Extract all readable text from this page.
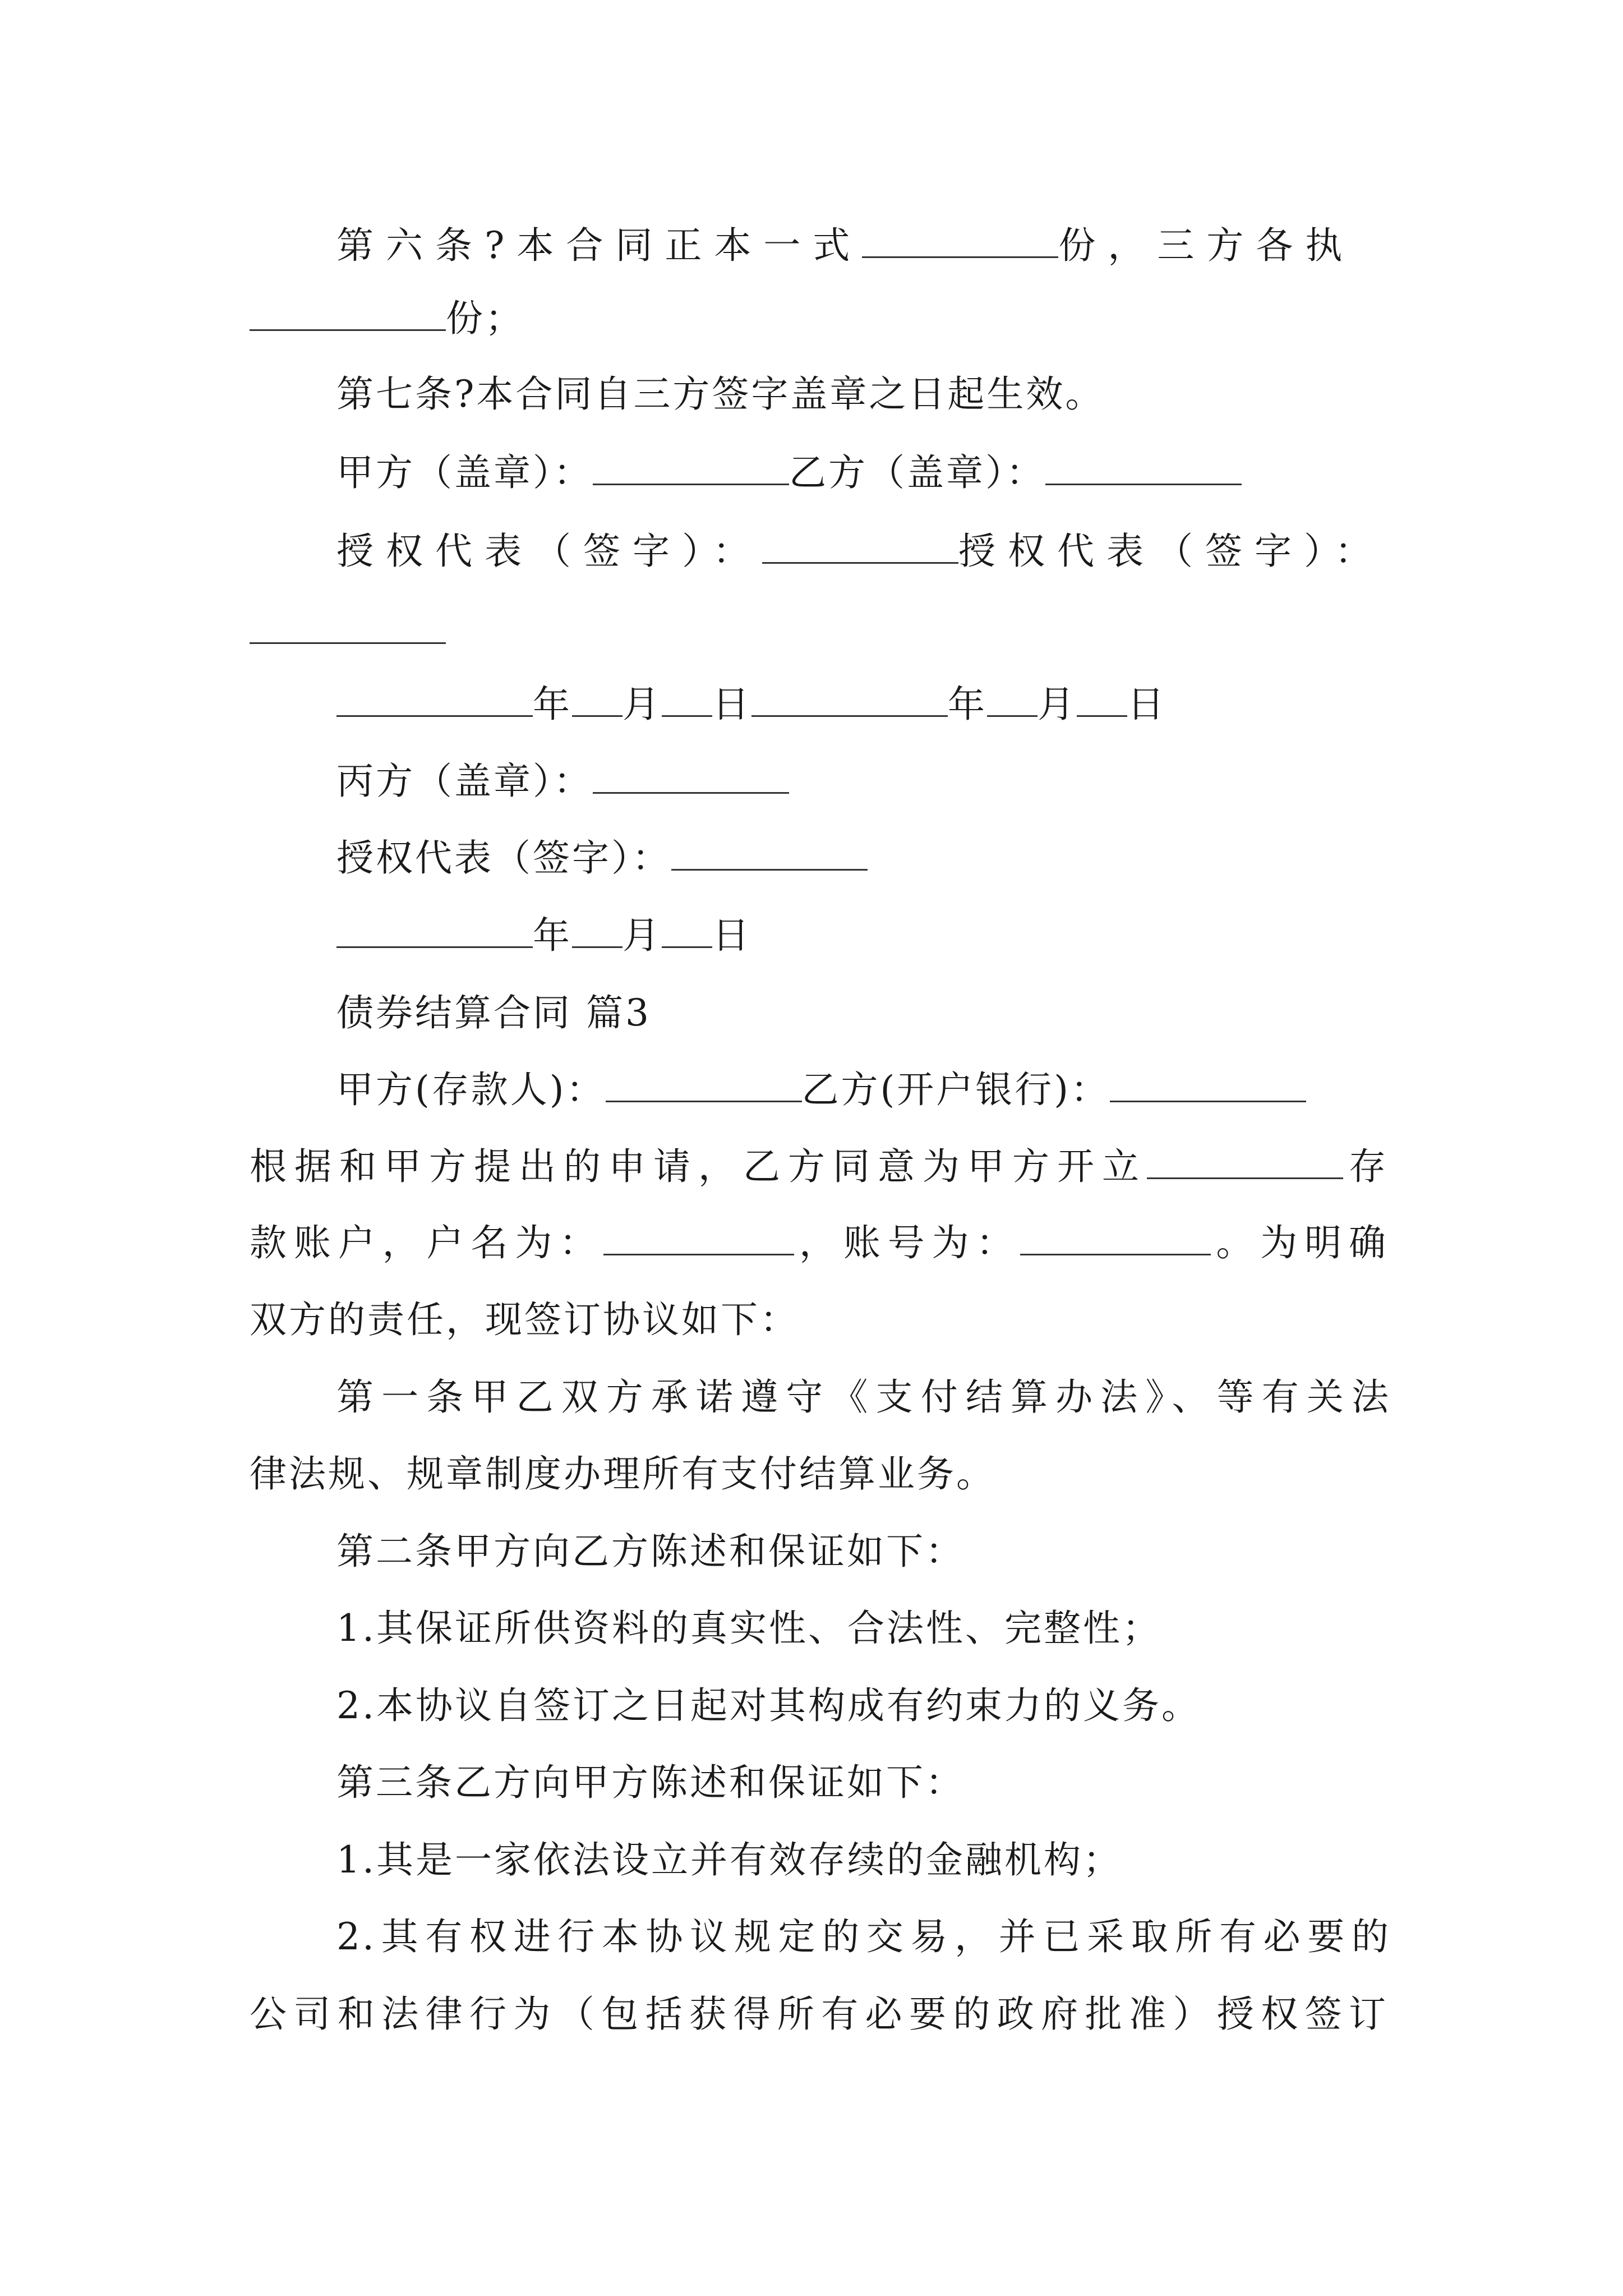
第六条?本合同正本一式	份，三方各执
份；
第七条?本合同自三方签字盖章之日起生效。
甲方（盖章）：	乙方（盖章）：
授权代表（签字）：	授权代表（签字）：
年 月 日	年 月 日
丙方（盖章）：
授权代表（签字）：
年 月 日
债券结算合同 篇3
甲方(存款人)：	乙方(开户银行)：
根据和甲方提出的申请，乙方同意为甲方开立	存
款账户，户名为：	，账号为：	。为明确
双方的责任，现签订协议如下：
第一条甲乙双方承诺遵守《支付结算办法》、等有关法
律法规、规章制度办理所有支付结算业务。
第二条甲方向乙方陈述和保证如下：
1.其保证所供资料的真实性、合法性、完整性；
2.本协议自签订之日起对其构成有约束力的义务。
第三条乙方向甲方陈述和保证如下：
1.其是一家依法设立并有效存续的金融机构；
2.其有权进行本协议规定的交易，并已采取所有必要的
公司和法律行为（包括获得所有必要的政府批准）授权签订
